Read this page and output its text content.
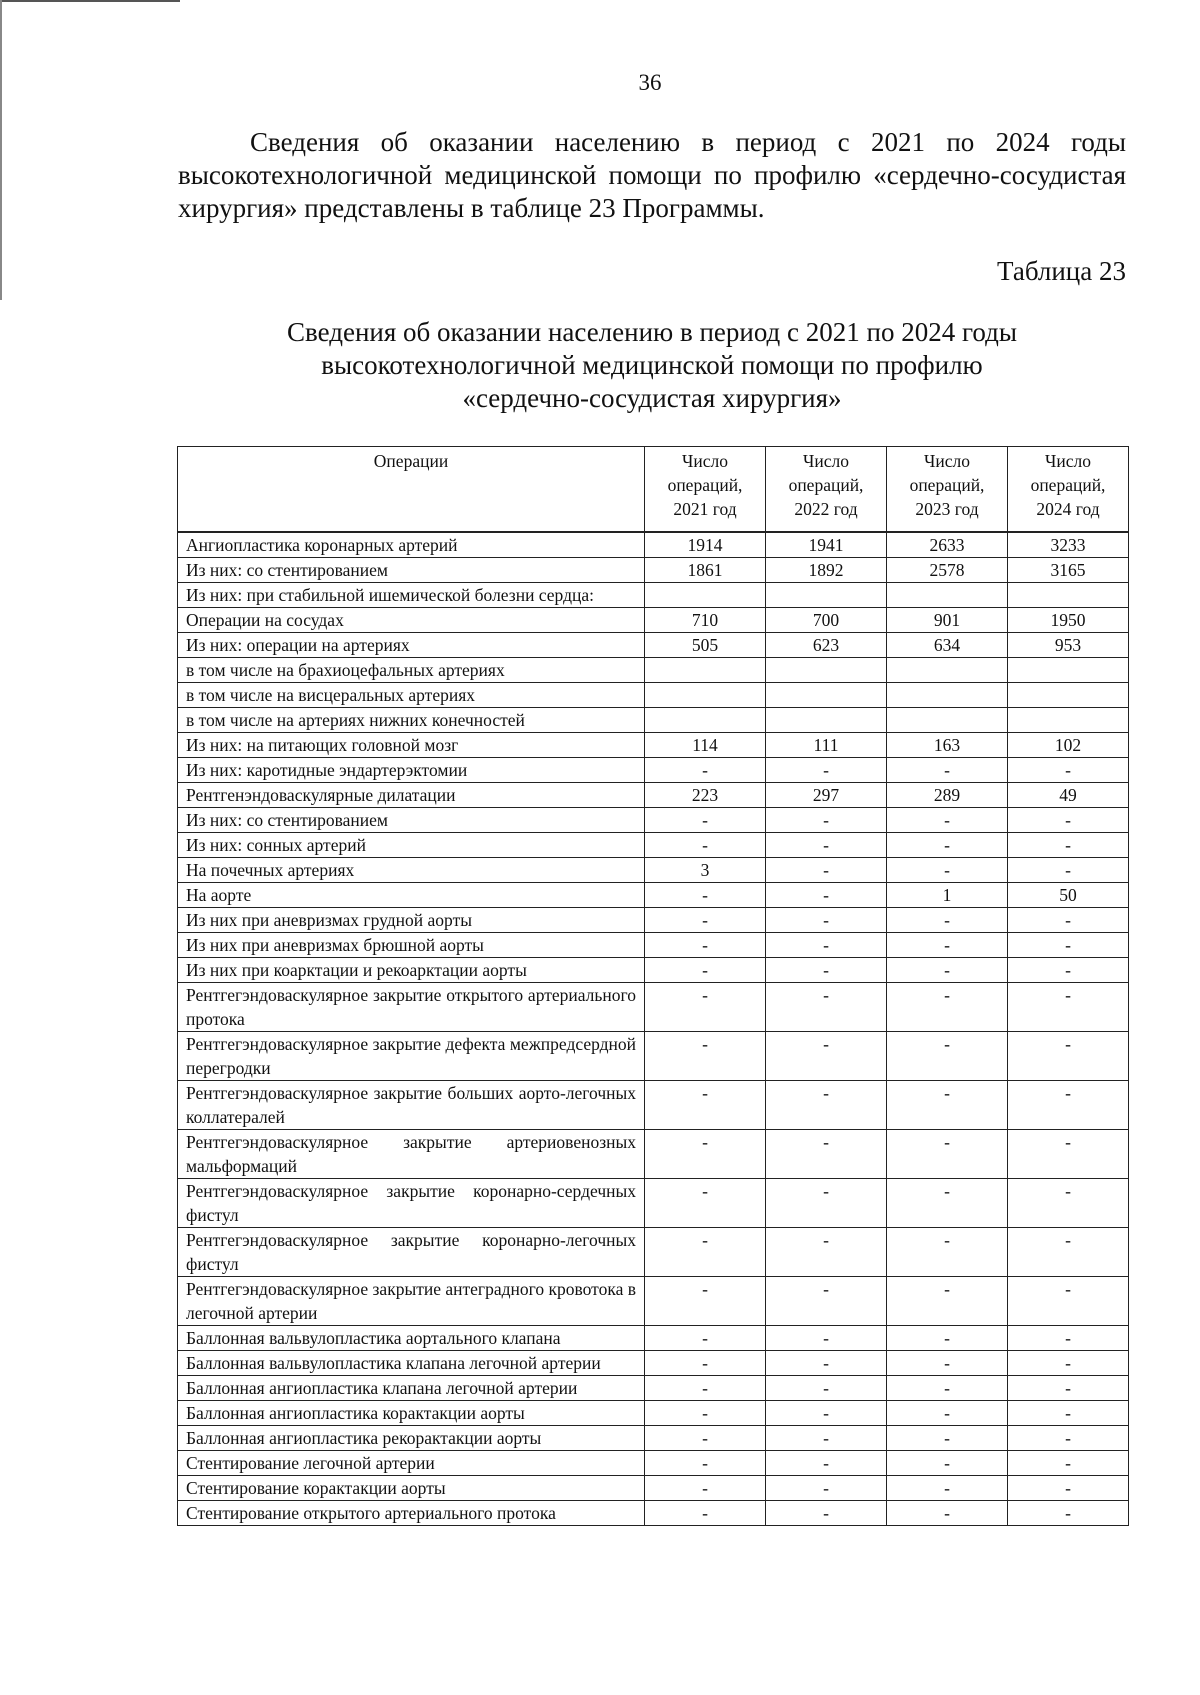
36

Сведения об оказании населению в период с 2021 по 2024 годы высокотехнологичной медицинской помощи по профилю «сердечно-сосудистая хирургия» представлены в таблице 23 Программы.

Таблица 23
Сведения об оказании населению в период с 2021 по 2024 годы
высокотехнологичной медицинской помощи по профилю
«сердечно-сосудистая хирургия»
Операции	Число операций, 2021 год	Число операций, 2022 год	Число операций, 2023 год	Число операций, 2024 год
Ангиопластика коронарных артерий	1914	1941	2633	3233
Из них: со стентированием	1861	1892	2578	3165
Из них: при стабильной ишемической болезни сердца:				
Операции на сосудах	710	700	901	1950
Из них: операции на артериях	505	623	634	953
в том числе на брахиоцефальных артериях				
в том числе на висцеральных артериях				
в том числе на артериях нижних конечностей				
Из них: на питающих головной мозг	114	111	163	102
Из них: каротидные эндартерэктомии	-	-	-	-
Рентгенэндоваскулярные дилатации	223	297	289	49
Из них: со стентированием	-	-	-	-
Из них: сонных артерий	-	-	-	-
На почечных артериях	3	-	-	-
На аорте	-	-	1	50
Из них при аневризмах грудной аорты	-	-	-	-
Из них при аневризмах брюшной аорты	-	-	-	-
Из них при коарктации и рекоарктации аорты	-	-	-	-
Рентгегэндоваскулярное закрытие открытого артериального протока	-	-	-	-
Рентгегэндоваскулярное закрытие дефекта межпредсердной перегродки	-	-	-	-
Рентгегэндоваскулярное закрытие больших аорто-легочных коллатералей	-	-	-	-
Рентгегэндоваскулярное закрытие артериовенозных мальформаций	-	-	-	-
Рентгегэндоваскулярное закрытие коронарно-сердечных фистул	-	-	-	-
Рентгегэндоваскулярное закрытие коронарно-легочных фистул	-	-	-	-
Рентгегэндоваскулярное закрытие антеградного кровотока в легочной артерии	-	-	-	-
Баллонная вальвулопластика аортального клапана	-	-	-	-
Баллонная вальвулопластика клапана легочной артерии	-	-	-	-
Баллонная ангиопластика клапана легочной артерии	-	-	-	-
Баллонная ангиопластика корактакции аорты	-	-	-	-
Баллонная ангиопластика рекорактакции аорты	-	-	-	-
Стентирование легочной артерии	-	-	-	-
Стентирование корактакции аорты	-	-	-	-
Стентирование открытого артериального протока	-	-	-	-
